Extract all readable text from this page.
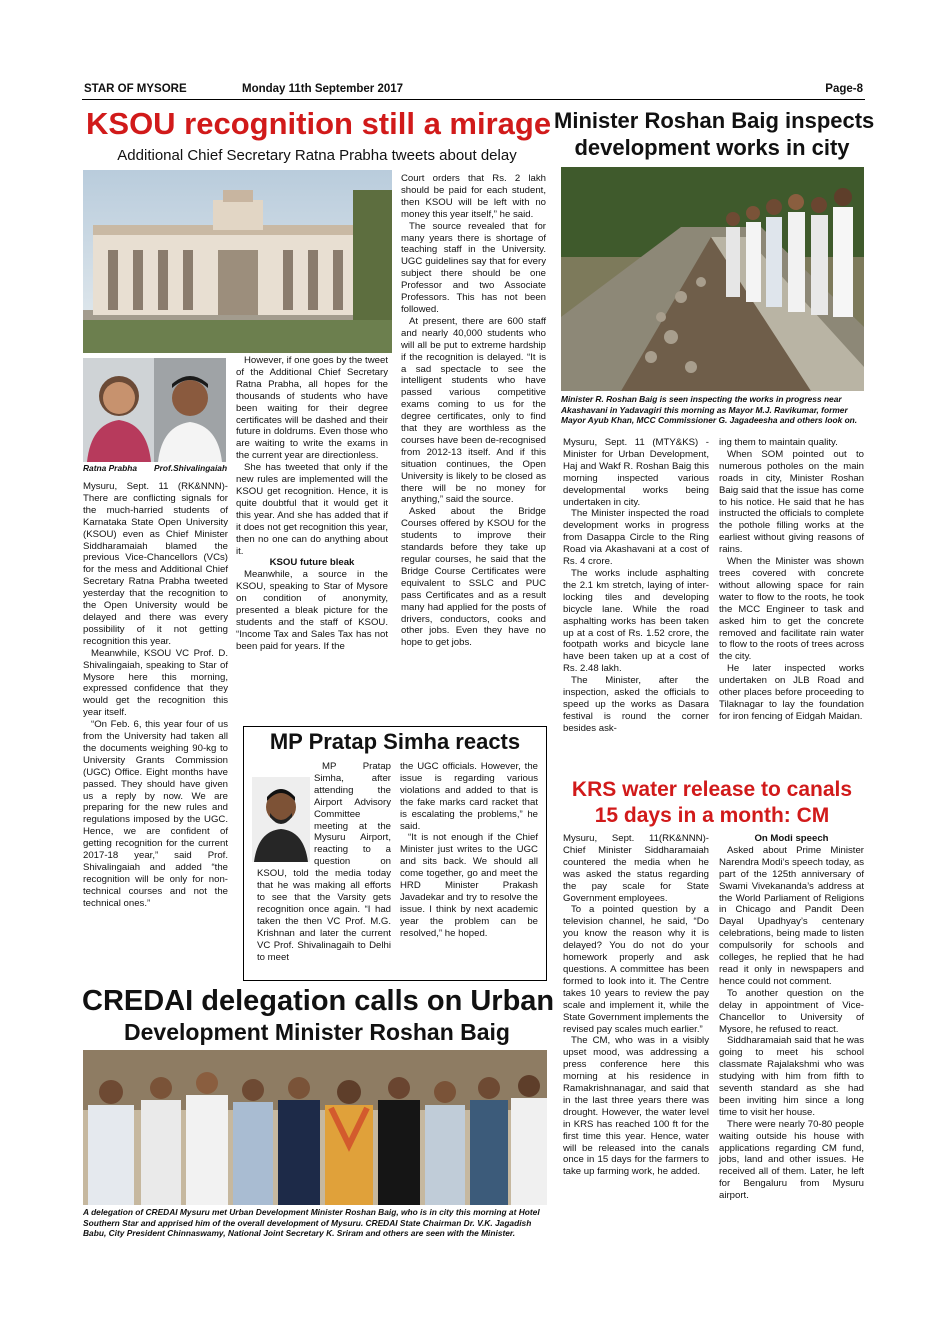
STAR OF MYSORE	Monday 11th September 2017	Page-8
KSOU recognition still a mirage
Additional Chief Secretary Ratna Prabha tweets about delay
Ratna Prabha	Prof.Shivalingaiah

Mysuru, Sept. 11 (RK&NNN)- There are conflicting signals for the much-harried students of Karnataka State Open University (KSOU) even as Chief Minister Siddharamaiah blamed the previous Vice-Chancellors (VCs) for the mess and Additional Chief Secretary Ratna Prabha tweeted yesterday that the recognition to the Open University would be delayed and there was every possibility of it not getting recognition this year.

Meanwhile, KSOU VC Prof. D. Shivalingaiah, speaking to Star of Mysore here this morning, expressed confidence that they would get the recognition this year itself.

“On Feb. 6, this year four of us from the University had taken all the documents weighing 90-kg to University Grants Commission (UGC) Office. Eight months have passed. They should have given us a reply by now. We are preparing for the new rules and regulations imposed by the UGC. Hence, we are confident of getting recognition for the current 2017-18 year,” said Prof. Shivalingaiah and added “the recognition will be only for non-technical courses and not the technical ones.”

However, if one goes by the tweet of the Additional Chief Secretary Ratna Prabha, all hopes for the thousands of students who have been waiting for their degree certificates will be dashed and their future in doldrums. Even those who are waiting to write the exams in the current year are directionless.

She has tweeted that only if the new rules are implemented will the KSOU get recognition. Hence, it is quite doubtful that it would get it this year. And she has added that if it does not get recognition this year, then no one can do anything about it.

KSOU future bleak

Meanwhile, a source in the KSOU, speaking to Star of Mysore on condition of anonymity, presented a bleak picture for the students and the staff of KSOU. “Income Tax and Sales Tax has not been paid for years. If the

Court orders that Rs. 2 lakh should be paid for each student, then KSOU will be left with no money this year itself,” he said.

The source revealed that for many years there is shortage of teaching staff in the University. UGC guidelines say that for every subject there should be one Professor and two Associate Professors. This has not been followed.

At present, there are 600 staff and nearly 40,000 students who will all be put to extreme hardship if the recognition is delayed. “It is a sad spectacle to see the intelligent students who have passed various competitive exams coming to us for the degree certificates, only to find that they are worthless as the courses have been de-recognised from 2012-13 itself. And if this situation continues, the Open University is likely to be closed as there will be no money for anything,” said the source.

Asked about the Bridge Courses offered by KSOU for the students to improve their standards before they take up regular courses, he said that the Bridge Course Certificates were equivalent to SSLC and PUC pass Certificates and as a result many had applied for the posts of drivers, conductors, cooks and other jobs. Even they have no hope to get jobs.

MP Pratap Simha reacts

MP Pratap Simha, after attending the Airport Advisory Committee meeting at the Mysuru Airport, reacting to a question on KSOU, told the media today that he was making all efforts to see that the Varsity gets recognition once again. “I had taken the then VC Prof. M.G. Krishnan and later the current VC Prof. Shivalinagaih to Delhi to meet

the UGC officials. However, the issue is regarding various violations and added to that is the fake marks card racket that is escalating the problems,” he said.

“It is not enough if the Chief Minister just writes to the UGC and sits back. We should all come together, go and meet the HRD Minister Prakash Javadekar and try to resolve the issue. I think by next academic year the problem can be resolved,” he hoped.

CREDAI delegation calls on Urban
Development Minister Roshan Baig
A delegation of CREDAI Mysuru met Urban Development Minister Roshan Baig, who is in city this morning at Hotel Southern Star and apprised him of the overall development of Mysuru. CREDAI State Chairman Dr. V.K. Jagadish Babu, City President Chinnaswamy, National Joint Secretary K. Sriram and others are seen with the Minister.
Minister Roshan Baig inspects
development works in city
Minister R. Roshan Baig is seen inspecting the works in progress near Akashavani in Yadavagiri this morning as Mayor M.J. Ravikumar, former Mayor Ayub Khan, MCC Commissioner G. Jagadeesha and others look on.

Mysuru, Sept. 11 (MTY&KS) - Minister for Urban Development, Haj and Wakf R. Roshan Baig this morning inspected various developmental works being undertaken in city.

The Minister inspected the road development works in progress from Dasappa Circle to the Ring Road via Akashavani at a cost of Rs. 4 crore.

The works include asphalting the 2.1 km stretch, laying of inter-locking tiles and developing bicycle lane. While the road asphalting works has been taken up at a cost of Rs. 1.52 crore, the footpath works and bicycle lane have been taken up at a cost of Rs. 2.48 lakh.

The Minister, after the inspection, asked the officials to speed up the works as Dasara festival is round the corner besides ask-

ing them to maintain quality.

When SOM pointed out to numerous potholes on the main roads in city, Minister Roshan Baig said that the issue has come to his notice. He said that he has instructed the officials to complete the pothole filling works at the earliest without giving reasons of rains.

When the Minister was shown trees covered with concrete without allowing space for rain water to flow to the roots, he took the MCC Engineer to task and asked him to get the concrete removed and facilitate rain water to flow to the roots of trees across the city.

He later inspected works undertaken on JLB Road and other places before proceeding to Tilaknagar to lay the foundation for iron fencing of Eidgah Maidan.

KRS water release to canals
15 days in a month: CM

Mysuru, Sept. 11(RK&NNN)- Chief Minister Siddharamaiah countered the media when he was asked the status regarding the pay scale for State Government employees.

To a pointed question by a television channel, he said, “Do you know the reason why it is delayed? You do not do your homework properly and ask questions. A committee has been formed to look into it. The Centre takes 10 years to review the pay scale and implement it, while the State Government implements the revised pay scales much earlier.”

The CM, who was in a visibly upset mood, was addressing a press conference here this morning at his residence in Ramakrishnanagar, and said that in the last three years there was drought. However, the water level in KRS has reached 100 ft for the first time this year. Hence, water will be released into the canals once in 15 days for the farmers to take up farming work, he added.

On Modi speech

Asked about Prime Minister Narendra Modi’s speech today, as part of the 125th anniversary of Swami Vivekananda’s address at the World Parliament of Religions in Chicago and Pandit Deen Dayal Upadhyay’s centenary celebrations, being made to listen compulsorily for schools and colleges, he replied that he had read it only in newspapers and hence could not comment.

To another question on the delay in appointment of Vice-Chancellor to University of Mysore, he refused to react.

Siddharamaiah said that he was going to meet his school classmate Rajalakshmi who was studying with him from fifth to seventh standard as she had been inviting him since a long time to visit her house.

There were nearly 70-80 people waiting outside his house with applications regarding CM fund, jobs, land and other issues. He received all of them. Later, he left for Bengaluru from Mysuru airport.
